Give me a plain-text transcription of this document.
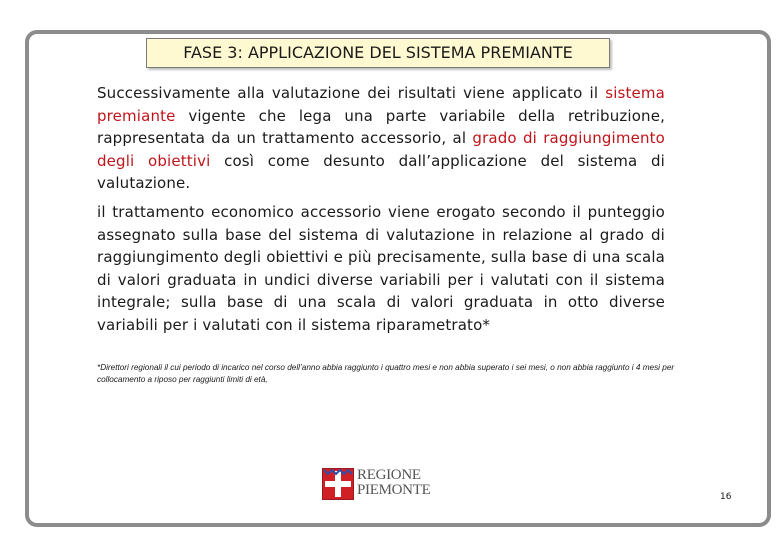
FASE 3: APPLICAZIONE DEL SISTEMA PREMIANTE

Successivamente alla valutazione dei risultati viene applicato il sistema premiante vigente che lega una parte variabile della retribuzione, rappresentata da un trattamento accessorio, al grado di raggiungimento degli obiettivi così come desunto dall’applicazione del sistema di valutazione.

il trattamento economico accessorio viene erogato secondo il punteggio assegnato sulla base del sistema di valutazione in relazione al grado di raggiungimento degli obiettivi e più precisamente, sulla base di una scala di valori graduata in undici diverse variabili per i valutati con il sistema integrale; sulla base di una scala di valori graduata in otto diverse variabili per i valutati con il sistema riparametrato*

*Direttori regionali il cui periodo di incarico nel corso dell’anno abbia raggiunto i quattro mesi e non abbia superato i sei mesi, o non abbia raggiunto i 4 mesi per collocamento a riposo per raggiunti limiti di età,

REGIONE
PIEMONTE	16
